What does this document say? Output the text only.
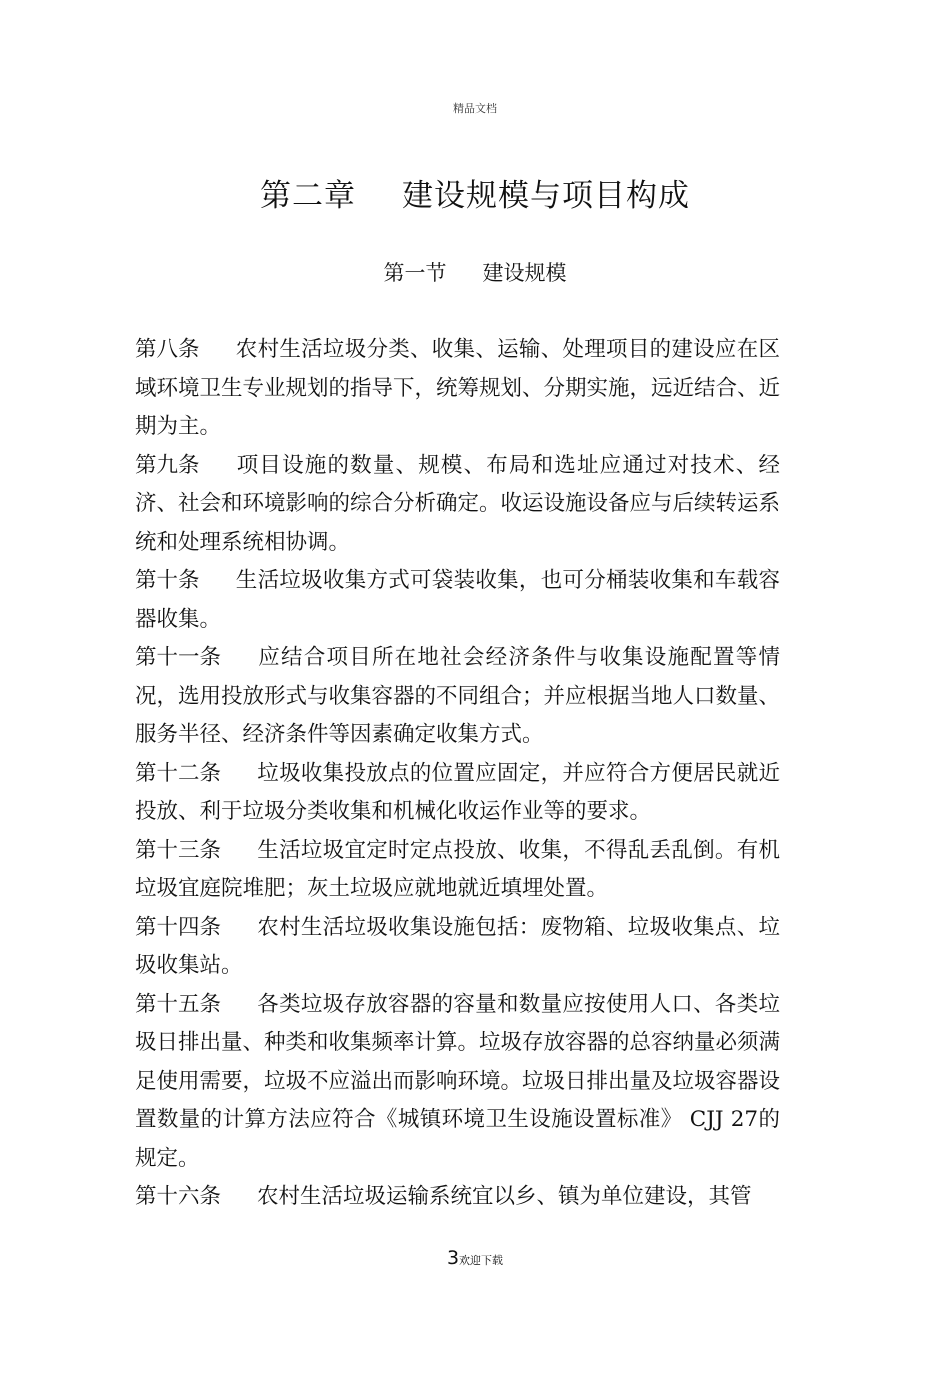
精品文档
第二章 建设规模与项目构成
第一节 建设规模

第八条 农村生活垃圾分类、收集、运输、处理项目的建设应在区域环境卫生专业规划的指导下，统筹规划、分期实施，远近结合、近期为主。

第九条 项目设施的数量、规模、布局和选址应通过对技术、经济、社会和环境影响的综合分析确定。收运设施设备应与后续转运系统和处理系统相协调。

第十条 生活垃圾收集方式可袋装收集，也可分桶装收集和车载容器收集。

第十一条 应结合项目所在地社会经济条件与收集设施配置等情况，选用投放形式与收集容器的不同组合；并应根据当地人口数量、服务半径、经济条件等因素确定收集方式。

第十二条 垃圾收集投放点的位置应固定，并应符合方便居民就近投放、利于垃圾分类收集和机械化收运作业等的要求。

第十三条 生活垃圾宜定时定点投放、收集，不得乱丢乱倒。有机垃圾宜庭院堆肥；灰土垃圾应就地就近填埋处置。

第十四条 农村生活垃圾收集设施包括：废物箱、垃圾收集点、垃圾收集站。

第十五条 各类垃圾存放容器的容量和数量应按使用人口、各类垃圾日排出量、种类和收集频率计算。垃圾存放容器的总容纳量必须满足使用需要，垃圾不应溢出而影响环境。垃圾日排出量及垃圾容器设置数量的计算方法应符合《城镇环境卫生设施设置标准》 CJJ 27的规定。

第十六条 农村生活垃圾运输系统宜以乡、镇为单位建设，其管

3欢迎下载
